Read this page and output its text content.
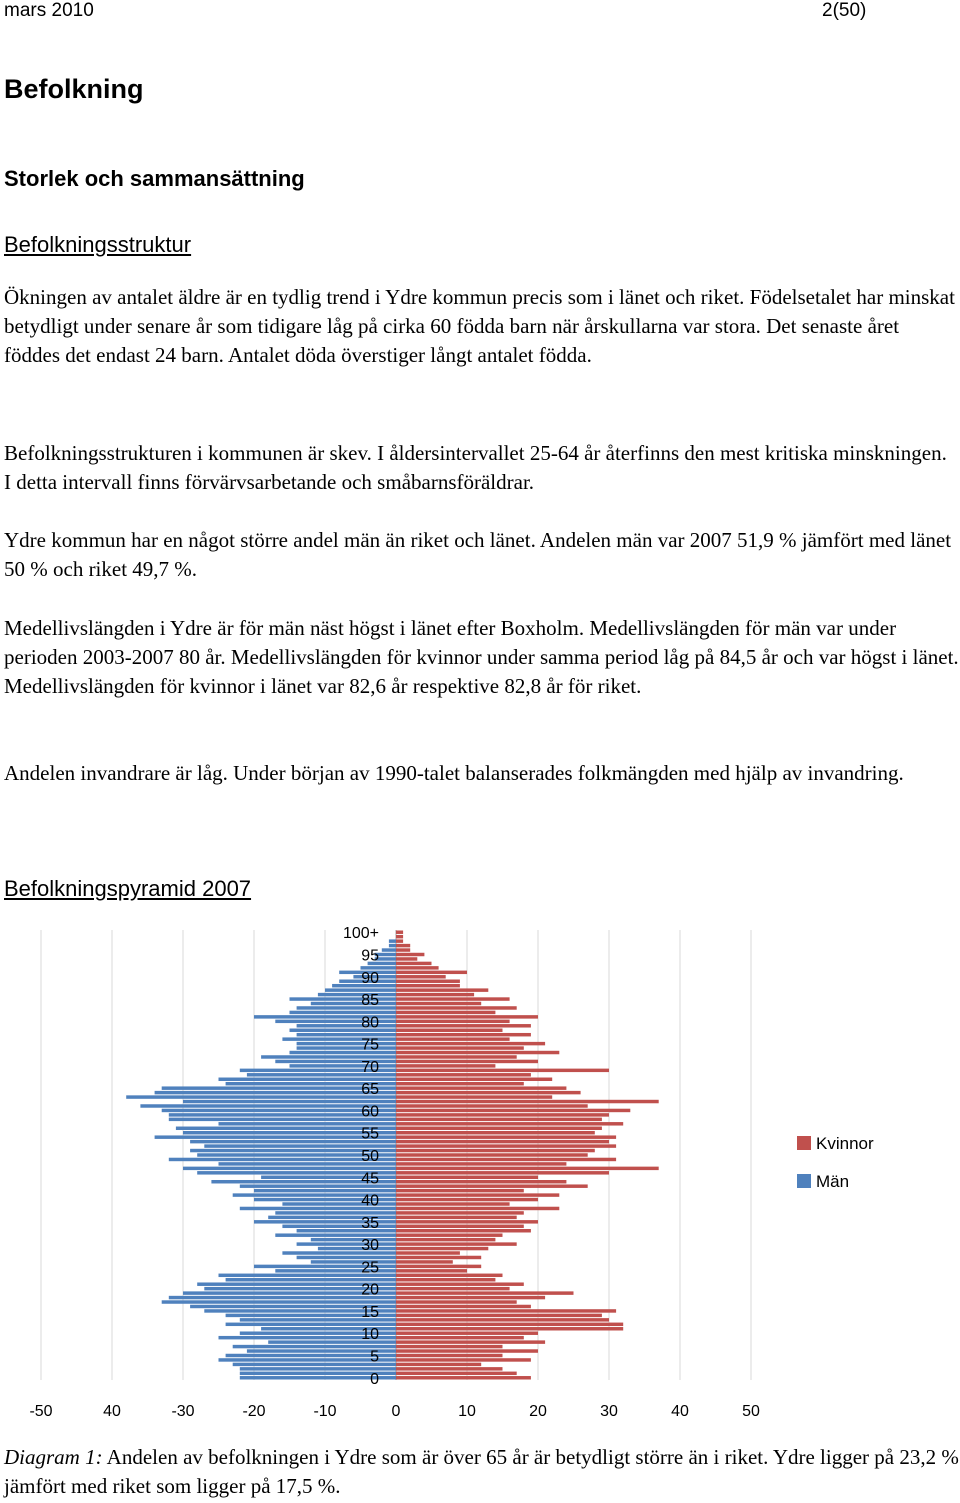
mars 2010	2(50)
Befolkning
Storlek och sammansättning
Befolkningsstruktur

Ökningen av antalet äldre är en tydlig trend i Ydre kommun precis som i länet och riket. Födelsetalet har minskat betydligt under senare år som tidigare låg på cirka 60 födda barn när årskullarna var stora. Det senaste året föddes det endast 24 barn. Antalet döda överstiger långt antalet födda.

Befolkningsstrukturen i kommunen är skev. I åldersintervallet 25-64 år återfinns den mest kritiska minskningen. I detta intervall finns förvärvsarbetande och småbarnsföräldrar.

Ydre kommun har en något större andel män än riket och länet. Andelen män var 2007 51,9 % jämfört med länet 50 % och riket 49,7 %.

Medellivslängden i Ydre är för män näst högst i länet efter Boxholm. Medellivslängden för män var under perioden 2003-2007 80 år. Medellivslängden för kvinnor under samma period låg på 84,5 år och var högst i länet. Medellivslängden för kvinnor i länet var 82,6 år respektive 82,8 år för riket.

Andelen invandrare är låg. Under början av 1990-talet balanserades folkmängden med hjälp av invandring.

Befolkningspyramid 2007
100+
95
90
85
80
75
70
65
60
55
50
45
40
35
30
25
20
15
10
5
0
-50	40	-30	-20	-10	0	10	20	30	40	50
Kvinnor
Män

Diagram 1: Andelen av befolkningen i Ydre som är över 65 år är betydligt större än i riket. Ydre ligger på 23,2 % jämfört med riket som ligger på 17,5 %.
